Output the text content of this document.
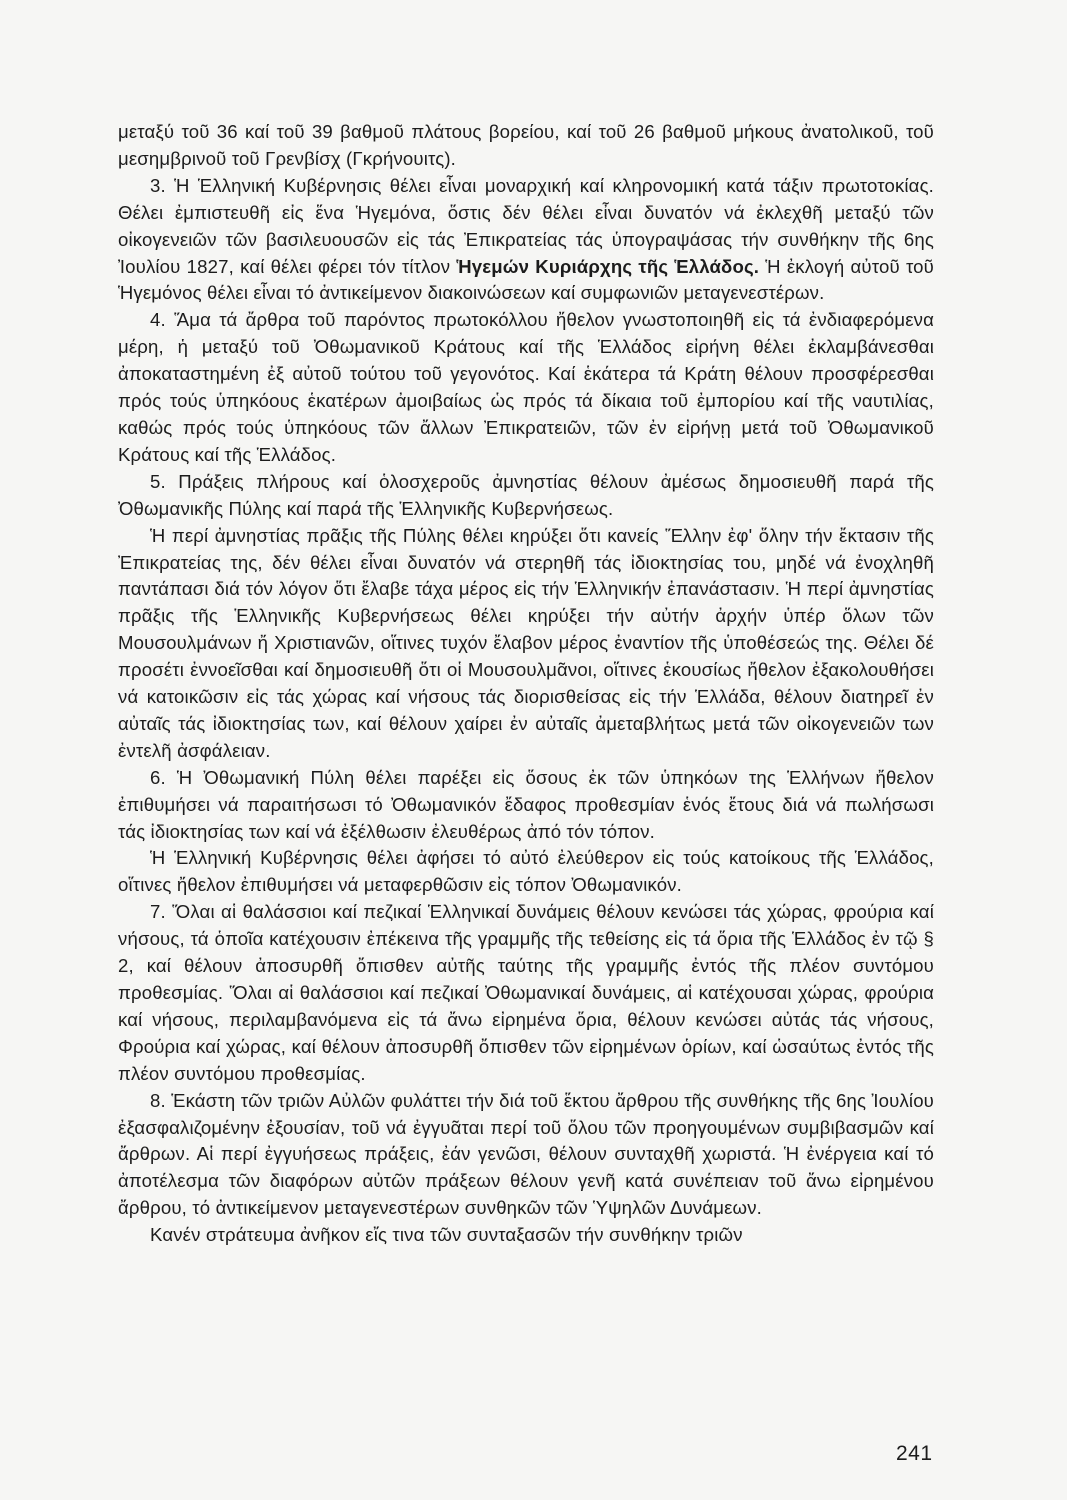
μεταξύ τοῦ 36 καί τοῦ 39 βαθμοῦ πλάτους βορείου, καί τοῦ 26 βαθμοῦ μήκους ἀνατολικοῦ, τοῦ μεσημβρινοῦ τοῦ Γρενβίσχ (Γκρήνουιτς).

3. Ἡ Ἑλληνική Κυβέρνησις θέλει εἶναι μοναρχική καί κληρονομική κατά τάξιν πρωτοτοκίας. Θέλει ἐμπιστευθῆ εἰς ἕνα Ἡγεμόνα, ὅστις δέν θέλει εἶναι δυνατόν νά ἐκλεχθῆ μεταξύ τῶν οἰκογενειῶν τῶν βασιλευουσῶν εἰς τάς Ἐπικρατείας τάς ὑπογραψάσας τήν συνθήκην τῆς 6ης Ἰουλίου 1827, καί θέλει φέρει τόν τίτλον Ἡγεμών Κυριάρχης τῆς Ἑλλάδος. Ἡ ἐκλογή αὐτοῦ τοῦ Ἡγεμόνος θέλει εἶναι τό ἀντικείμενον διακοινώσεων καί συμφωνιῶν μεταγενεστέρων.

4. Ἅμα τά ἄρθρα τοῦ παρόντος πρωτοκόλλου ἤθελον γνωστοποιηθῆ εἰς τά ἐνδιαφερόμενα μέρη, ἡ μεταξύ τοῦ Ὀθωμανικοῦ Κράτους καί τῆς Ἑλλάδος εἰρήνη θέλει ἐκλαμβάνεσθαι ἀποκαταστημένη ἐξ αὐτοῦ τούτου τοῦ γεγονότος. Καί ἑκάτερα τά Κράτη θέλουν προσφέρεσθαι πρός τούς ὑπηκόους ἑκατέρων ἀμοιβαίως ὡς πρός τά δίκαια τοῦ ἐμπορίου καί τῆς ναυτιλίας, καθώς πρός τούς ὑπηκόους τῶν ἄλλων Ἐπικρατειῶν, τῶν ἐν εἰρήνῃ μετά τοῦ Ὀθωμανικοῦ Κράτους καί τῆς Ἑλλάδος.

5. Πράξεις πλήρους καί ὁλοσχεροῦς ἀμνηστίας θέλουν ἀμέσως δημοσιευθῆ παρά τῆς Ὀθωμανικῆς Πύλης καί παρά τῆς Ἑλληνικῆς Κυβερνήσεως.

Ἡ περί ἀμνηστίας πρᾶξις τῆς Πύλης θέλει κηρύξει ὅτι κανείς Ἕλλην ἐφ' ὅλην τήν ἔκτασιν τῆς Ἐπικρατείας της, δέν θέλει εἶναι δυνατόν νά στερηθῆ τάς ἰδιοκτησίας του, μηδέ νά ἐνοχληθῆ παντάπασι διά τόν λόγον ὅτι ἔλαβε τάχα μέρος εἰς τήν Ἑλληνικήν ἐπανάστασιν. Ἡ περί ἀμνηστίας πρᾶξις τῆς Ἑλληνικῆς Κυβερνήσεως θέλει κηρύξει τήν αὐτήν ἀρχήν ὑπέρ ὅλων τῶν Μουσουλμάνων ἤ Χριστιανῶν, οἵτινες τυχόν ἔλαβον μέρος ἐναντίον τῆς ὑποθέσεώς της. Θέλει δέ προσέτι ἐννοεῖσθαι καί δημοσιευθῆ ὅτι οἱ Μουσουλμᾶνοι, οἵτινες ἑκουσίως ἤθελον ἐξακολουθήσει νά κατοικῶσιν εἰς τάς χώρας καί νήσους τάς διορισθείσας εἰς τήν Ἑλλάδα, θέλουν διατηρεῖ ἐν αὐταῖς τάς ἰδιοκτησίας των, καί θέλουν χαίρει ἐν αὐταῖς ἀμεταβλήτως μετά τῶν οἰκογενειῶν των ἐντελῆ ἀσφάλειαν.

6. Ἡ Ὀθωμανική Πύλη θέλει παρέξει εἰς ὅσους ἐκ τῶν ὑπηκόων της Ἑλλήνων ἤθελον ἐπιθυμήσει νά παραιτήσωσι τό Ὀθωμανικόν ἔδαφος προθεσμίαν ἑνός ἔτους διά νά πωλήσωσι τάς ἰδιοκτησίας των καί νά ἐξέλθωσιν ἐλευθέρως ἀπό τόν τόπον.

Ἡ Ἑλληνική Κυβέρνησις θέλει ἀφήσει τό αὐτό ἐλεύθερον εἰς τούς κατοίκους τῆς Ἑλλάδος, οἵτινες ἤθελον ἐπιθυμήσει νά μεταφερθῶσιν εἰς τόπον Ὀθωμανικόν.

7. Ὅλαι αἱ θαλάσσιοι καί πεζικαί Ἑλληνικαί δυνάμεις θέλουν κενώσει τάς χώρας, φρούρια καί νήσους, τά ὁποῖα κατέχουσιν ἐπέκεινα τῆς γραμμῆς τῆς τεθείσης εἰς τά ὅρια τῆς Ἑλλάδος ἐν τῷ § 2, καί θέλουν ἀποσυρθῆ ὄπισθεν αὐτῆς ταύτης τῆς γραμμῆς ἐντός τῆς πλέον συντόμου προθεσμίας. Ὅλαι αἱ θαλάσσιοι καί πεζικαί Ὀθωμανικαί δυνάμεις, αἱ κατέχουσαι χώρας, φρούρια καί νήσους, περιλαμβανόμενα εἰς τά ἄνω εἰρημένα ὅρια, θέλουν κενώσει αὐτάς τάς νήσους, Φρούρια καί χώρας, καί θέλουν ἀποσυρθῆ ὄπισθεν τῶν εἰρημένων ὁρίων, καί ὡσαύτως ἐντός τῆς πλέον συντόμου προθεσμίας.

8. Ἑκάστη τῶν τριῶν Αὐλῶν φυλάττει τήν διά τοῦ ἕκτου ἄρθρου τῆς συνθήκης τῆς 6ης Ἰουλίου ἐξασφαλιζομένην ἐξουσίαν, τοῦ νά ἐγγυᾶται περί τοῦ ὅλου τῶν προηγουμένων συμβιβασμῶν καί ἄρθρων. Αἱ περί ἐγγυήσεως πράξεις, ἐάν γενῶσι, θέλουν συνταχθῆ χωριστά. Ἡ ἐνέργεια καί τό ἀποτέλεσμα τῶν διαφόρων αὐτῶν πράξεων θέλουν γενῆ κατά συνέπειαν τοῦ ἄνω εἰρημένου ἄρθρου, τό ἀντικείμενον μεταγενεστέρων συνθηκῶν τῶν Ὑψηλῶν Δυνάμεων.

Κανέν στράτευμα ἀνῆκον εἴς τινα τῶν συνταξασῶν τήν συνθήκην τριῶν

241
